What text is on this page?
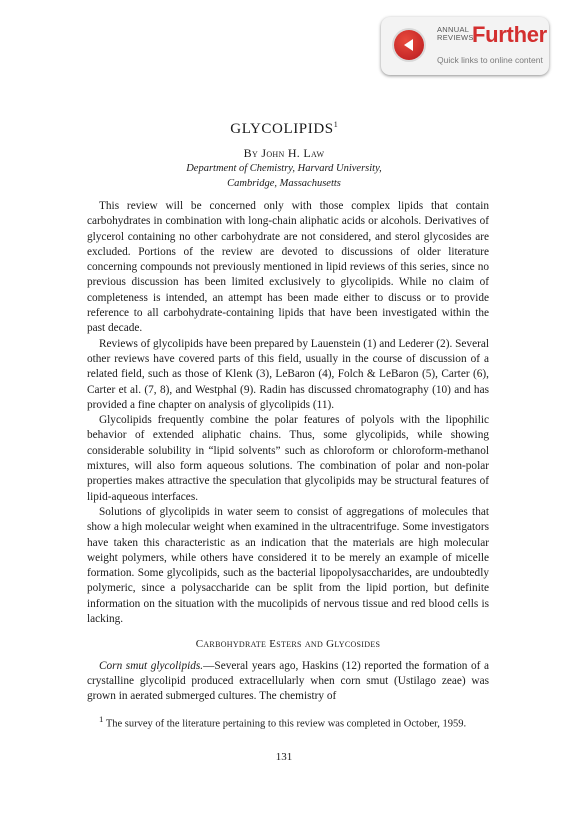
ANNUAL
REVIEWS
Further
Quick links to online content
GLYCOLIPIDS$^1$
By John H. Law
Department of Chemistry, Harvard University,
Cambridge, Massachusetts

This review will be concerned only with those complex lipids that contain carbohydrates in combination with long-chain aliphatic acids or alcohols. Derivatives of glycerol containing no other carbohydrate are not considered, and sterol glycosides are excluded. Portions of the review are devoted to discussions of older literature concerning compounds not previously mentioned in lipid reviews of this series, since no previous discussion has been limited exclusively to glycolipids. While no claim of completeness is intended, an attempt has been made either to discuss or to provide reference to all carbohydrate-containing lipids that have been investigated within the past decade.

Reviews of glycolipids have been prepared by Lauenstein (1) and Lederer (2). Several other reviews have covered parts of this field, usually in the course of discussion of a related field, such as those of Klenk (3), LeBaron (4), Folch & LeBaron (5), Carter (6), Carter et al. (7, 8), and Westphal (9). Radin has discussed chromatography (10) and has provided a fine chapter on analysis of glycolipids (11).

Glycolipids frequently combine the polar features of polyols with the lipophilic behavior of extended aliphatic chains. Thus, some glycolipids, while showing considerable solubility in “lipid solvents” such as chloroform or chloroform-methanol mixtures, will also form aqueous solutions. The combination of polar and non-polar properties makes attractive the speculation that glycolipids may be structural features of lipid-aqueous interfaces.

Solutions of glycolipids in water seem to consist of aggregations of molecules that show a high molecular weight when examined in the ultracentrifuge. Some investigators have taken this characteristic as an indication that the materials are high molecular weight polymers, while others have considered it to be merely an example of micelle formation. Some glycolipids, such as the bacterial lipopolysaccharides, are undoubtedly polymeric, since a polysaccharide can be split from the lipid portion, but definite information on the situation with the mucolipids of nervous tissue and red blood cells is lacking.

Carbohydrate Esters and Glycosides

Corn smut glycolipids.—Several years ago, Haskins (12) reported the formation of a crystalline glycolipid produced extracellularly when corn smut (Ustilago zeae) was grown in aerated submerged cultures. The chemistry of

$^1$ The survey of the literature pertaining to this review was completed in October, 1959.

131
